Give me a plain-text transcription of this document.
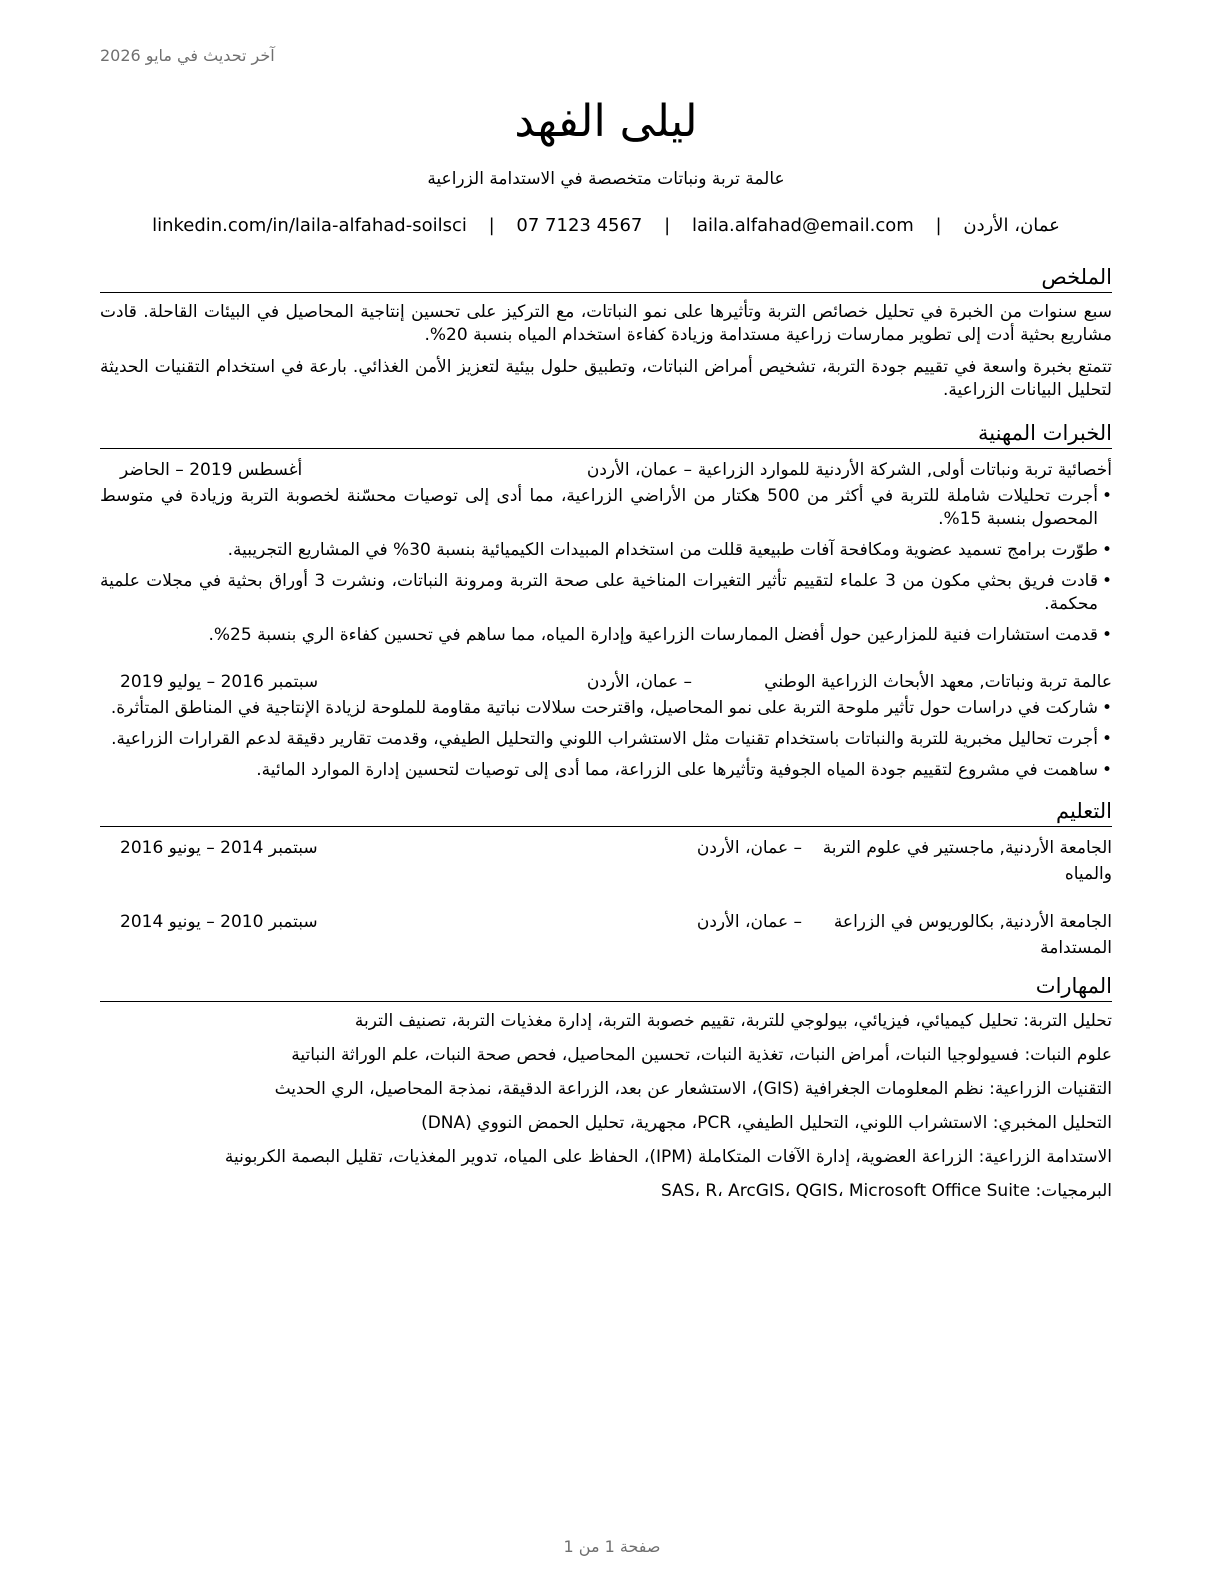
آخر تحديث في مايو 2026
ليلى الفهد
عالمة تربة ونباتات متخصصة في الاستدامة الزراعية
عمان، الأردن | laila.alfahad@email.com | 07 7123 4567 | linkedin.com/in/laila-alfahad-soilsci
الملخص

سبع سنوات من الخبرة في تحليل خصائص التربة وتأثيرها على نمو النباتات، مع التركيز على تحسين إنتاجية المحاصيل في البيئات القاحلة. قادت مشاريع بحثية أدت إلى تطوير ممارسات زراعية مستدامة وزيادة كفاءة استخدام المياه بنسبة 20%.

تتمتع بخبرة واسعة في تقييم جودة التربة، تشخيص أمراض النباتات، وتطبيق حلول بيئية لتعزيز الأمن الغذائي. بارعة في استخدام التقنيات الحديثة لتحليل البيانات الزراعية.

الخبرات المهنية
أخصائية تربة ونباتات أولى, الشركة الأردنية للموارد الزراعية
– عمان، الأردن
أغسطس 2019 – الحاضر
• أجرت تحليلات شاملة للتربة في أكثر من 500 هكتار من الأراضي الزراعية، مما أدى إلى توصيات محسّنة لخصوبة التربة وزيادة في متوسط المحصول بنسبة 15%.
• طوّرت برامج تسميد عضوية ومكافحة آفات طبيعية قللت من استخدام المبيدات الكيميائية بنسبة 30% في المشاريع التجريبية.
• قادت فريق بحثي مكون من 3 علماء لتقييم تأثير التغيرات المناخية على صحة التربة ومرونة النباتات، ونشرت 3 أوراق بحثية في مجلات علمية محكمة.
• قدمت استشارات فنية للمزارعين حول أفضل الممارسات الزراعية وإدارة المياه، مما ساهم في تحسين كفاءة الري بنسبة 25%.
عالمة تربة ونباتات, معهد الأبحاث الزراعية الوطني
– عمان، الأردن
سبتمبر 2016 – يوليو 2019
• شاركت في دراسات حول تأثير ملوحة التربة على نمو المحاصيل، واقترحت سلالات نباتية مقاومة للملوحة لزيادة الإنتاجية في المناطق المتأثرة.
• أجرت تحاليل مخبرية للتربة والنباتات باستخدام تقنيات مثل الاستشراب اللوني والتحليل الطيفي، وقدمت تقارير دقيقة لدعم القرارات الزراعية.
• ساهمت في مشروع لتقييم جودة المياه الجوفية وتأثيرها على الزراعة، مما أدى إلى توصيات لتحسين إدارة الموارد المائية.
التعليم
الجامعة الأردنية, ماجستير في علوم التربة والمياه
– عمان، الأردن
سبتمبر 2014 – يونيو 2016
الجامعة الأردنية, بكالوريوس في الزراعة المستدامة
– عمان، الأردن
سبتمبر 2010 – يونيو 2014
المهارات
تحليل التربة: تحليل كيميائي، فيزيائي، بيولوجي للتربة، تقييم خصوبة التربة، إدارة مغذيات التربة، تصنيف التربة
علوم النبات: فسيولوجيا النبات، أمراض النبات، تغذية النبات، تحسين المحاصيل، فحص صحة النبات، علم الوراثة النباتية
التقنيات الزراعية: نظم المعلومات الجغرافية (GIS)، الاستشعار عن بعد، الزراعة الدقيقة، نمذجة المحاصيل، الري الحديث
التحليل المخبري: الاستشراب اللوني، التحليل الطيفي، PCR، مجهرية، تحليل الحمض النووي (DNA)
الاستدامة الزراعية: الزراعة العضوية، إدارة الآفات المتكاملة (IPM)، الحفاظ على المياه، تدوير المغذيات، تقليل البصمة الكربونية
البرمجيات: SAS، R، ArcGIS، QGIS، Microsoft Office Suite
صفحة 1 من 1
